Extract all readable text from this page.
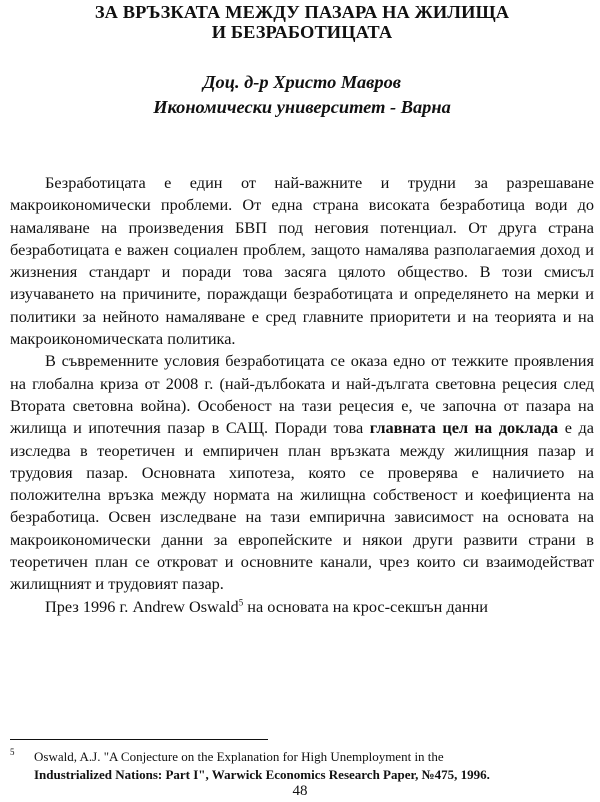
ЗА ВРЪЗКАТА МЕЖДУ ПАЗАРА НА ЖИЛИЩА
И БЕЗРАБОТИЦАТА
Доц. д-р Христо Мавров
Икономически университет - Варна

Безработицата е един от най-важните и трудни за разрешаване макроикономически проблеми. От една страна високата безработица води до намаляване на произведения БВП под неговия потенциал. От друга страна безработицата е важен социален проблем, защото намалява разполагаемия доход и жизнения стандарт и поради това засяга цялото общество. В този смисъл изучаването на причините, пораждащи безработицата и определянето на мерки и политики за нейното намаляване е сред главните приоритети и на теорията и на макроикономическата политика.

В съвременните условия безработицата се оказа едно от тежките проявления на глобална криза от 2008 г. (най-дълбоката и най-дългата световна рецесия след Втората световна война). Особеност на тази рецесия е, че започна от пазара на жилища и ипотечния пазар в САЩ. Поради това главната цел на доклада е да изследва в теоретичен и емпиричен план връзката между жилищния пазар и трудовия пазар. Основната хипотеза, която се проверява е наличието на положителна връзка между нормата на жилищна собственост и коефициента на безработица. Освен изследване на тази емпирична зависимост на основата на макроикономически данни за европейските и някои други развити страни в теоретичен план се откроват и основните канали, чрез които си взаимодействат жилищният и трудовият пазар.

През 1996 г. Andrew Oswald$^5$ на основата на крос-секшън данни

5 Oswald, A.J. "A Conjecture on the Explanation for High Unemployment in the
Industrialized Nations: Part I", Warwick Economics Research Paper, №475, 1996.
48
